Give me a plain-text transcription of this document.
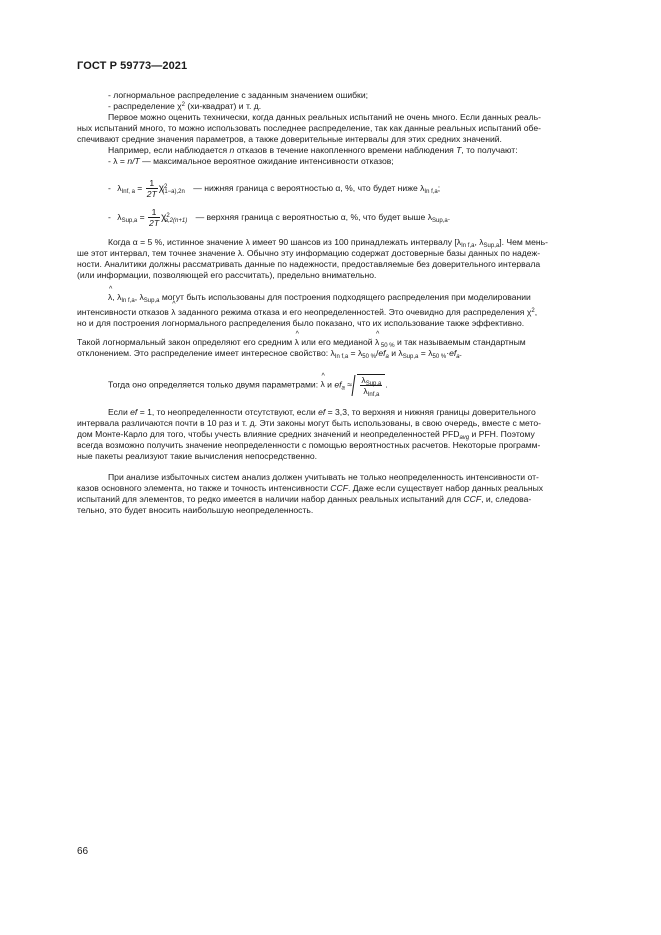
ГОСТ Р 59773—2021
- логнормальное распределение с заданным значением ошибки;
- распределение $\chi^2$ (хи-квадрат) и т. д.
Первое можно оценить технически, когда данных реальных испытаний не очень много. Если данных реаль-
ных испытаний много, то можно использовать последнее распределение, так как данные реальных испытаний обе-
спечивают средние значения параметров, а также доверительные интервалы для этих средних значений.
Например, если наблюдается n отказов в течение накопленного времени наблюдения T, то получают:
- λ = n/T — максимальное вероятное ожидание интенсивности отказов;
- $\lambda_{Inf, a} = \frac{1}{2T} \chi^2_{(1-a),2n}$ — нижняя граница с вероятностью α, %, что будет ниже $\lambda_{In f,a}$;
- $\lambda_{Sup,a} = \frac{1}{2T} \chi^2_{a,2(n+1)}$ — верхняя граница с вероятностью α, %, что будет выше $\lambda_{Sup,a}$.
Когда α = 5 %, истинное значение λ имеет 90 шансов из 100 принадлежать интервалу [$\lambda_{In f,a}$, $\lambda_{Sup,a}$]. Чем мень-
ше этот интервал, тем точнее значение λ. Обычно эту информацию содержат достоверные базы данных по надеж-
ности. Аналитики должны рассматривать данные по надежности, предоставляемые без доверительного интервала
(или информации, позволяющей его рассчитать), предельно внимательно.
^ λ, $\lambda_{In f,a}$, $\lambda_{Sup,a}$ могут быть использованы для построения подходящего распределения при моделировании
интенсивности отказов ^ λ заданного режима отказа и его неопределенностей. Это очевидно для распределения $\chi^2$,
но и для построения логнормального распределения было показано, что их использование также эффективно.
Такой логнормальный закон определяют его средним ^ λ или его медианой ^ λ $_{50 \%}$ и так называемым стандартным
отклонением. Это распределение имеет интересное свойство: $\lambda_{In f,a} = \lambda_{50 \%}/ef_a$ и $\lambda_{Sup,a} = \lambda_{50 \%}\cdot ef_a$.
Тогда оно определяется только двумя параметрами: ^ λ и $ef_a \approx \frac{\lambda_{Sup,a}}{\lambda_{Inf,a}}$ .
Если ef = 1, то неопределенности отсутствуют, если ef = 3,3, то верхняя и нижняя границы доверительного
интервала различаются почти в 10 раз и т. д. Эти законы могут быть использованы, в свою очередь, вместе с мето-
дом Монте-Карло для того, чтобы учесть влияние средних значений и неопределенностей $PFD_{avg}$ и PFH. Поэтому
всегда возможно получить значение неопределенности с помощью вероятностных расчетов. Некоторые программ-
ные пакеты реализуют такие вычисления непосредственно.
При анализе избыточных систем анализ должен учитывать не только неопределенность интенсивности от-
казов основного элемента, но также и точность интенсивности CCF. Даже если существует набор данных реальных
испытаний для элементов, то редко имеется в наличии набор данных реальных испытаний для CCF, и, следова-
тельно, это будет вносить наибольшую неопределенность.
66
